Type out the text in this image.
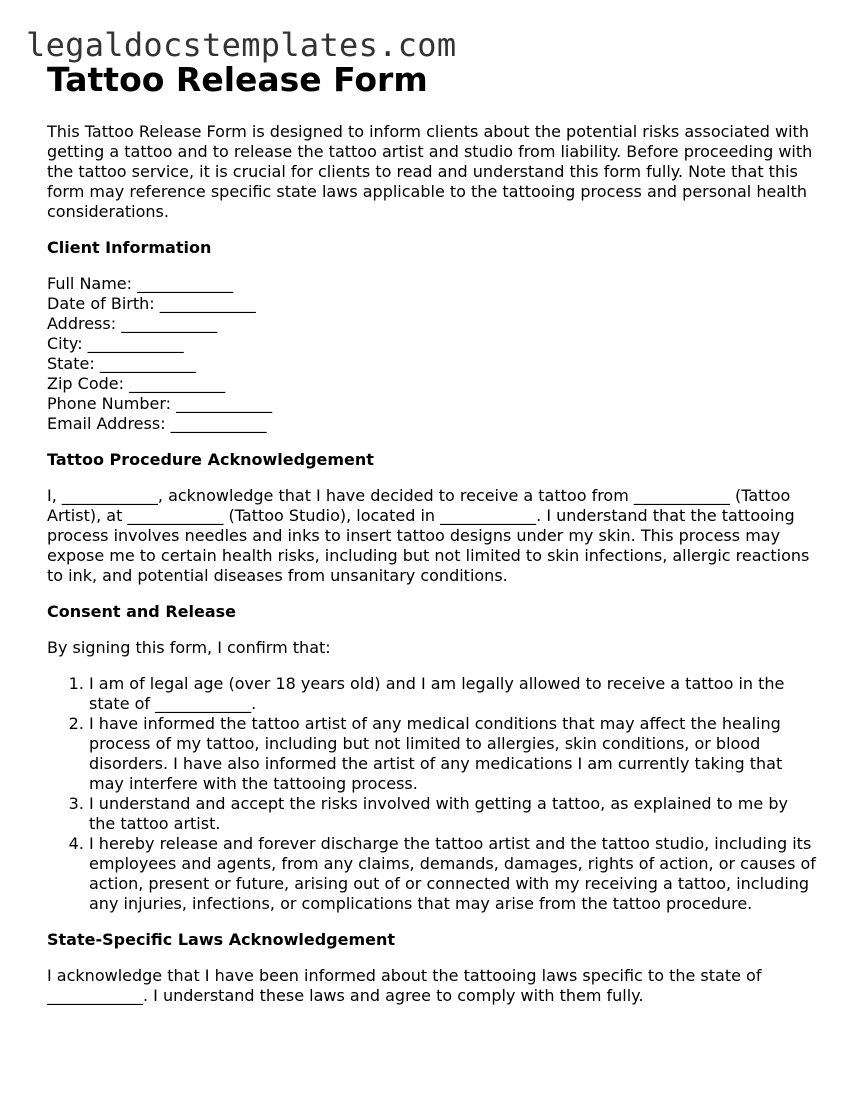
legaldocstemplates.com
Tattoo Release Form

This Tattoo Release Form is designed to inform clients about the potential risks associated with getting a tattoo and to release the tattoo artist and studio from liability. Before proceeding with the tattoo service, it is crucial for clients to read and understand this form fully. Note that this form may reference specific state laws applicable to the tattooing process and personal health considerations.

Client Information
Full Name: ____________
Date of Birth: ____________
Address: ____________
City: ____________
State: ____________
Zip Code: ____________
Phone Number: ____________
Email Address: ____________
Tattoo Procedure Acknowledgement

I, ____________, acknowledge that I have decided to receive a tattoo from ____________ (Tattoo Artist), at ____________ (Tattoo Studio), located in ____________. I understand that the tattooing process involves needles and inks to insert tattoo designs under my skin. This process may expose me to certain health risks, including but not limited to skin infections, allergic reactions to ink, and potential diseases from unsanitary conditions.

Consent and Release

By signing this form, I confirm that:

1. I am of legal age (over 18 years old) and I am legally allowed to receive a tattoo in the state of ____________.
2. I have informed the tattoo artist of any medical conditions that may affect the healing process of my tattoo, including but not limited to allergies, skin conditions, or blood disorders. I have also informed the artist of any medications I am currently taking that may interfere with the tattooing process.
3. I understand and accept the risks involved with getting a tattoo, as explained to me by the tattoo artist.
4. I hereby release and forever discharge the tattoo artist and the tattoo studio, including its employees and agents, from any claims, demands, damages, rights of action, or causes of action, present or future, arising out of or connected with my receiving a tattoo, including any injuries, infections, or complications that may arise from the tattoo procedure.
State-Specific Laws Acknowledgement

I acknowledge that I have been informed about the tattooing laws specific to the state of ____________. I understand these laws and agree to comply with them fully.
